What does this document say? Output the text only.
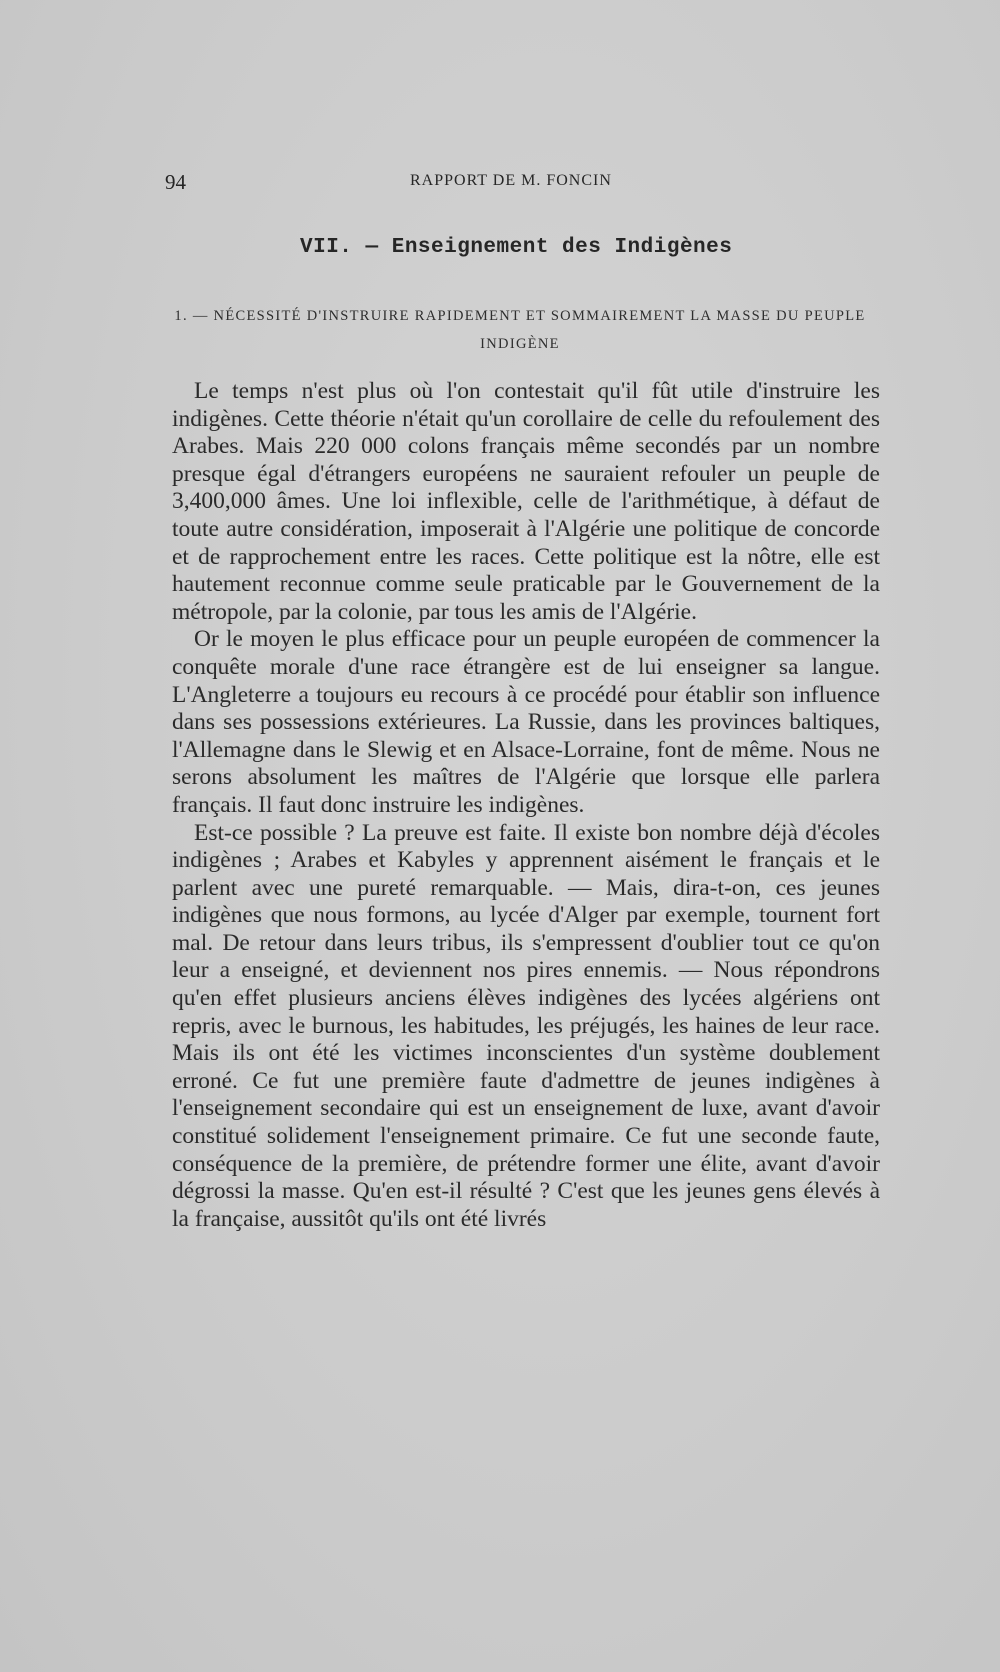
94	RAPPORT DE M. FONCIN
VII. — Enseignement des Indigènes
1. — NÉCESSITÉ D'INSTRUIRE RAPIDEMENT ET SOMMAIREMENT LA MASSE DU PEUPLE INDIGÈNE

Le temps n'est plus où l'on contestait qu'il fût utile d'instruire les indigènes. Cette théorie n'était qu'un corollaire de celle du refoulement des Arabes. Mais 220 000 colons français même secondés par un nombre presque égal d'étrangers européens ne sauraient refouler un peuple de 3,400,000 âmes. Une loi inflexible, celle de l'arithmétique, à défaut de toute autre considération, imposerait à l'Algérie une politique de concorde et de rapprochement entre les races. Cette politique est la nôtre, elle est hautement reconnue comme seule praticable par le Gouvernement de la métropole, par la colonie, par tous les amis de l'Algérie.

Or le moyen le plus efficace pour un peuple européen de commencer la conquête morale d'une race étrangère est de lui enseigner sa langue. L'Angleterre a toujours eu recours à ce procédé pour établir son influence dans ses possessions extérieures. La Russie, dans les provinces baltiques, l'Allemagne dans le Slewig et en Alsace-Lorraine, font de même. Nous ne serons absolument les maîtres de l'Algérie que lorsque elle parlera français. Il faut donc instruire les indigènes.

Est-ce possible ? La preuve est faite. Il existe bon nombre déjà d'écoles indigènes ; Arabes et Kabyles y apprennent aisément le français et le parlent avec une pureté remarquable. — Mais, dira-t-on, ces jeunes indigènes que nous formons, au lycée d'Alger par exemple, tournent fort mal. De retour dans leurs tribus, ils s'empressent d'oublier tout ce qu'on leur a enseigné, et deviennent nos pires ennemis. — Nous répondrons qu'en effet plusieurs anciens élèves indigènes des lycées algériens ont repris, avec le burnous, les habitudes, les préjugés, les haines de leur race. Mais ils ont été les victimes inconscientes d'un système doublement erroné. Ce fut une première faute d'admettre de jeunes indigènes à l'enseignement secondaire qui est un enseignement de luxe, avant d'avoir constitué solidement l'enseignement primaire. Ce fut une seconde faute, conséquence de la première, de prétendre former une élite, avant d'avoir dégrossi la masse. Qu'en est-il résulté ? C'est que les jeunes gens élevés à la française, aussitôt qu'ils ont été livrés
